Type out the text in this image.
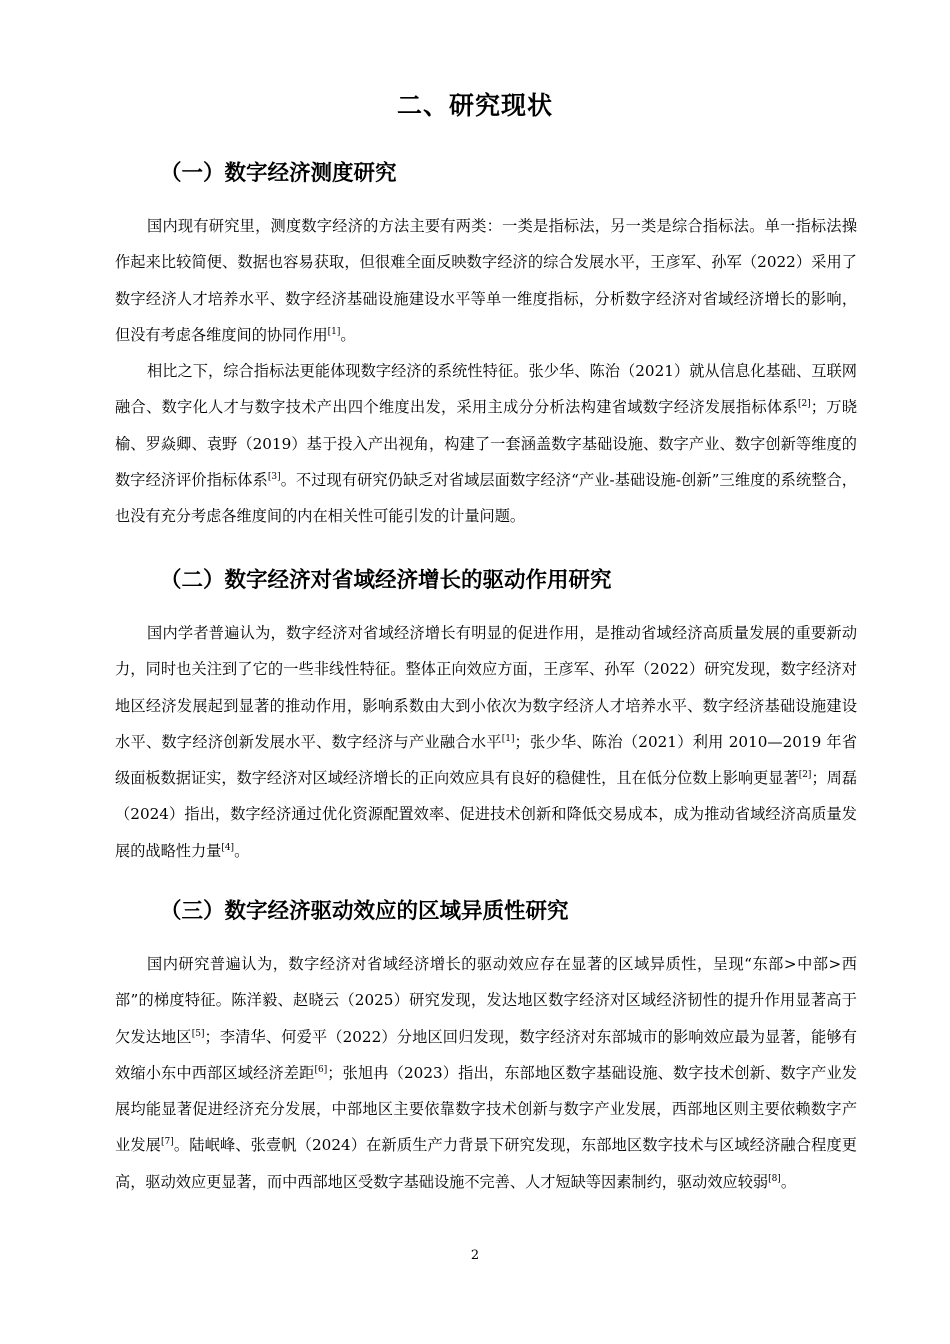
二、研究现状
（一）数字经济测度研究

国内现有研究里，测度数字经济的方法主要有两类：一类是指标法，另一类是综合指标法。单一指标法操作起来比较简便、数据也容易获取，但很难全面反映数字经济的综合发展水平，王彦军、孙军（2022）采用了数字经济人才培养水平、数字经济基础设施建设水平等单一维度指标，分析数字经济对省域经济增长的影响，但没有考虑各维度间的协同作用[1]。

相比之下，综合指标法更能体现数字经济的系统性特征。张少华、陈治（2021）就从信息化基础、互联网融合、数字化人才与数字技术产出四个维度出发，采用主成分分析法构建省域数字经济发展指标体系[2]；万晓榆、罗焱卿、袁野（2019）基于投入产出视角，构建了一套涵盖数字基础设施、数字产业、数字创新等维度的数字经济评价指标体系[3]。不过现有研究仍缺乏对省域层面数字经济“产业-基础设施-创新”三维度的系统整合，也没有充分考虑各维度间的内在相关性可能引发的计量问题。

（二）数字经济对省域经济增长的驱动作用研究

国内学者普遍认为，数字经济对省域经济增长有明显的促进作用，是推动省域经济高质量发展的重要新动力，同时也关注到了它的一些非线性特征。整体正向效应方面，王彦军、孙军（2022）研究发现，数字经济对地区经济发展起到显著的推动作用，影响系数由大到小依次为数字经济人才培养水平、数字经济基础设施建设水平、数字经济创新发展水平、数字经济与产业融合水平[1]；张少华、陈治（2021）利用 2010—2019 年省级面板数据证实，数字经济对区域经济增长的正向效应具有良好的稳健性，且在低分位数上影响更显著[2]；周磊（2024）指出，数字经济通过优化资源配置效率、促进技术创新和降低交易成本，成为推动省域经济高质量发展的战略性力量[4]。

（三）数字经济驱动效应的区域异质性研究

国内研究普遍认为，数字经济对省域经济增长的驱动效应存在显著的区域异质性，呈现“东部>中部>西部”的梯度特征。陈洋毅、赵晓云（2025）研究发现，发达地区数字经济对区域经济韧性的提升作用显著高于欠发达地区[5]；李清华、何爱平（2022）分地区回归发现，数字经济对东部城市的影响效应最为显著，能够有效缩小东中西部区域经济差距[6]；张旭冉（2023）指出，东部地区数字基础设施、数字技术创新、数字产业发展均能显著促进经济充分发展，中部地区主要依靠数字技术创新与数字产业发展，西部地区则主要依赖数字产业发展[7]。陆岷峰、张壹帆（2024）在新质生产力背景下研究发现，东部地区数字技术与区域经济融合程度更高，驱动效应更显著，而中西部地区受数字基础设施不完善、人才短缺等因素制约，驱动效应较弱[8]。

2
